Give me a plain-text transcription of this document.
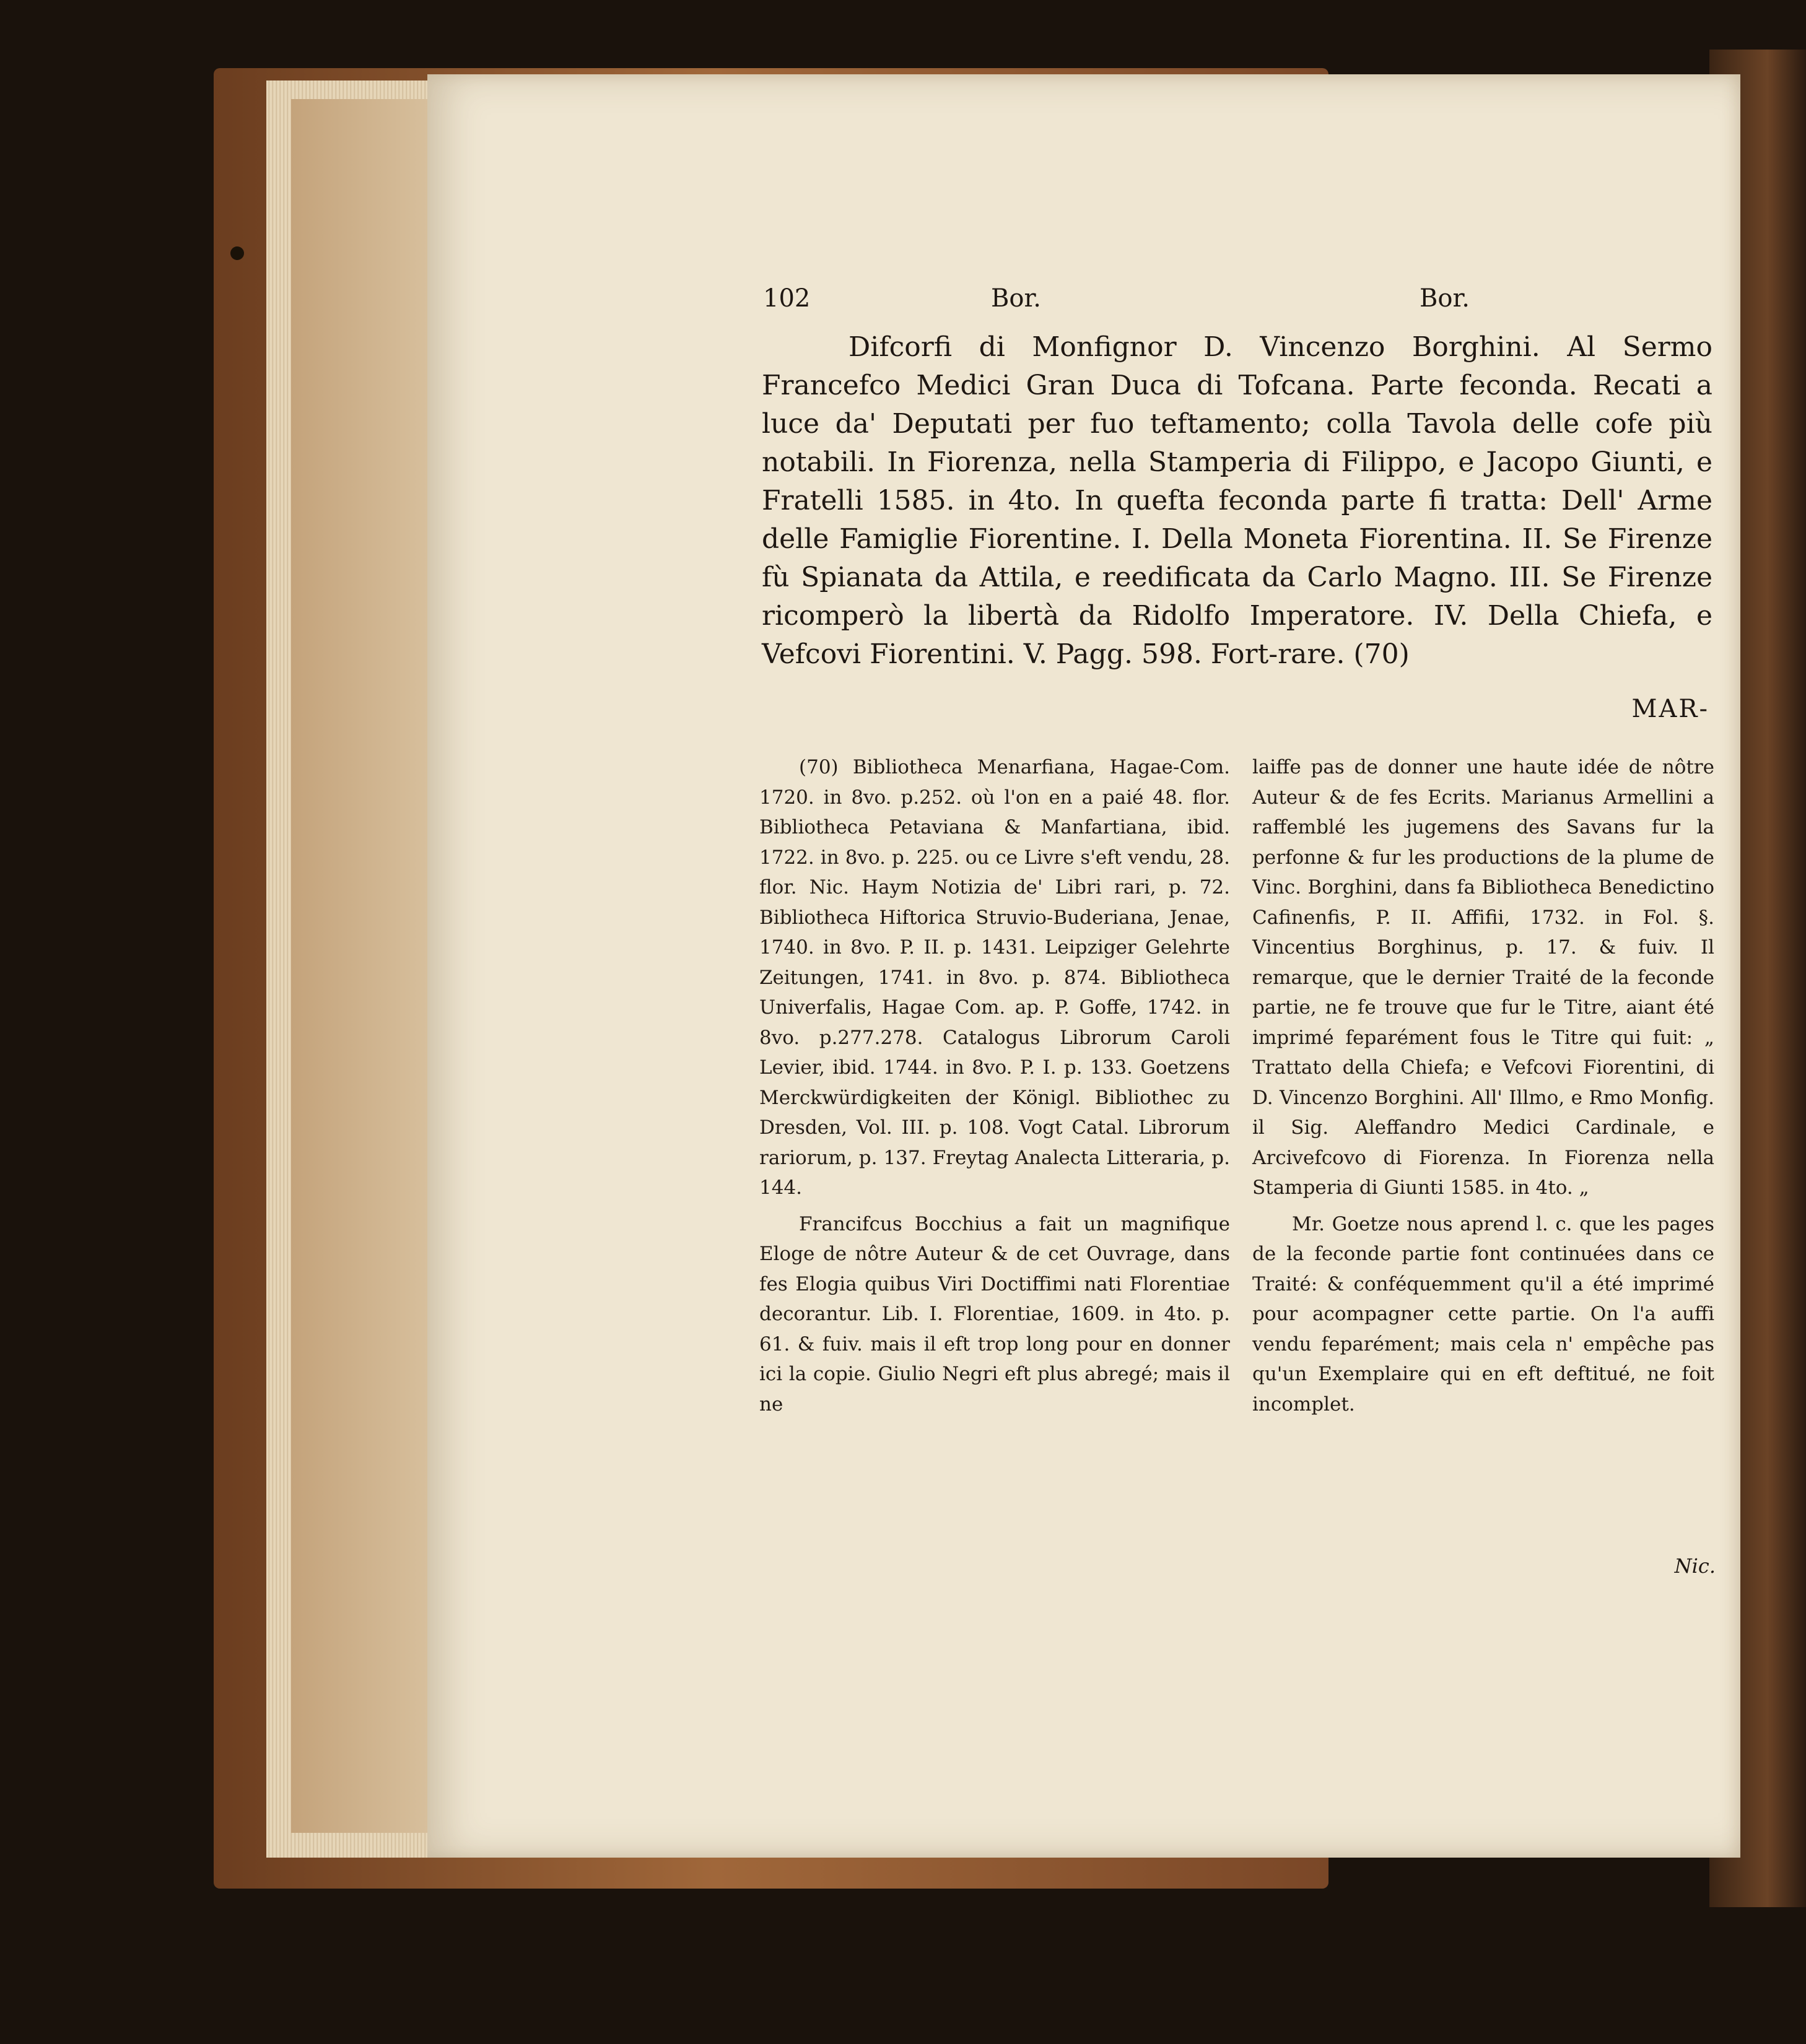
102	Bor.	Bor.

Difcorfi di Monfignor D. Vincenzo Borghini. Al Sermo Francefco Medici Gran Duca di Tofcana. Parte feconda. Recati a luce da' Deputati per fuo teftamento; colla Tavola delle cofe più notabili. In Fiorenza, nella Stamperia di Filippo, e Jacopo Giunti, e Fratelli 1585. in 4to. In quefta feconda parte fi tratta: Dell' Arme delle Famiglie Fiorentine. I. Della Moneta Fiorentina. II. Se Firenze fù Spianata da Attila, e reedificata da Carlo Magno. III. Se Firenze ricomperò la libertà da Ridolfo Imperatore. IV. Della Chiefa, e Vefcovi Fiorentini. V. Pagg. 598. Fort-rare. (70)

MAR-

(70) Bibliotheca Menarfiana, Hagae-Com. 1720. in 8vo. p.252. où l'on en a paié 48. flor. Bibliotheca Petaviana & Manfartiana, ibid. 1722. in 8vo. p. 225. ou ce Livre s'eft vendu, 28. flor. Nic. Haym Notizia de' Libri rari, p. 72. Bibliotheca Hiftorica Struvio-Buderiana, Jenae, 1740. in 8vo. P. II. p. 1431. Leipziger Gelehrte Zeitungen, 1741. in 8vo. p. 874. Bibliotheca Univerfalis, Hagae Com. ap. P. Goffe, 1742. in 8vo. p.277.278. Catalogus Librorum Caroli Levier, ibid. 1744. in 8vo. P. I. p. 133. Goetzens Merckwürdigkeiten der Königl. Bibliothec zu Dresden, Vol. III. p. 108. Vogt Catal. Librorum rariorum, p. 137. Freytag Analecta Litteraria, p. 144.

Francifcus Bocchius a fait un magnifique Eloge de nôtre Auteur & de cet Ouvrage, dans fes Elogia quibus Viri Doctiffimi nati Florentiae decorantur. Lib. I. Florentiae, 1609. in 4to. p. 61. & fuiv. mais il eft trop long pour en donner ici la copie. Giulio Negri eft plus abregé; mais il ne

laiffe pas de donner une haute idée de nôtre Auteur & de fes Ecrits. Marianus Armellini a raffemblé les jugemens des Savans fur la perfonne & fur les productions de la plume de Vinc. Borghini, dans fa Bibliotheca Benedictino Cafinenfis, P. II. Affifii, 1732. in Fol. §. Vincentius Borghinus, p. 17. & fuiv. Il remarque, que le dernier Traité de la feconde partie, ne fe trouve que fur le Titre, aiant été imprimé feparément fous le Titre qui fuit: „ Trattato della Chiefa; e Vefcovi Fiorentini, di D. Vincenzo Borghini. All' Illmo, e Rmo Monfig. il Sig. Aleffandro Medici Cardinale, e Arcivefcovo di Fiorenza. In Fiorenza nella Stamperia di Giunti 1585. in 4to. „

Mr. Goetze nous aprend l. c. que les pages de la feconde partie font continuées dans ce Traité: & conféquemment qu'il a été imprimé pour acompagner cette partie. On l'a auffi vendu feparément; mais cela n' empêche pas qu'un Exemplaire qui en eft deftitué, ne foit incomplet.

Nic.
